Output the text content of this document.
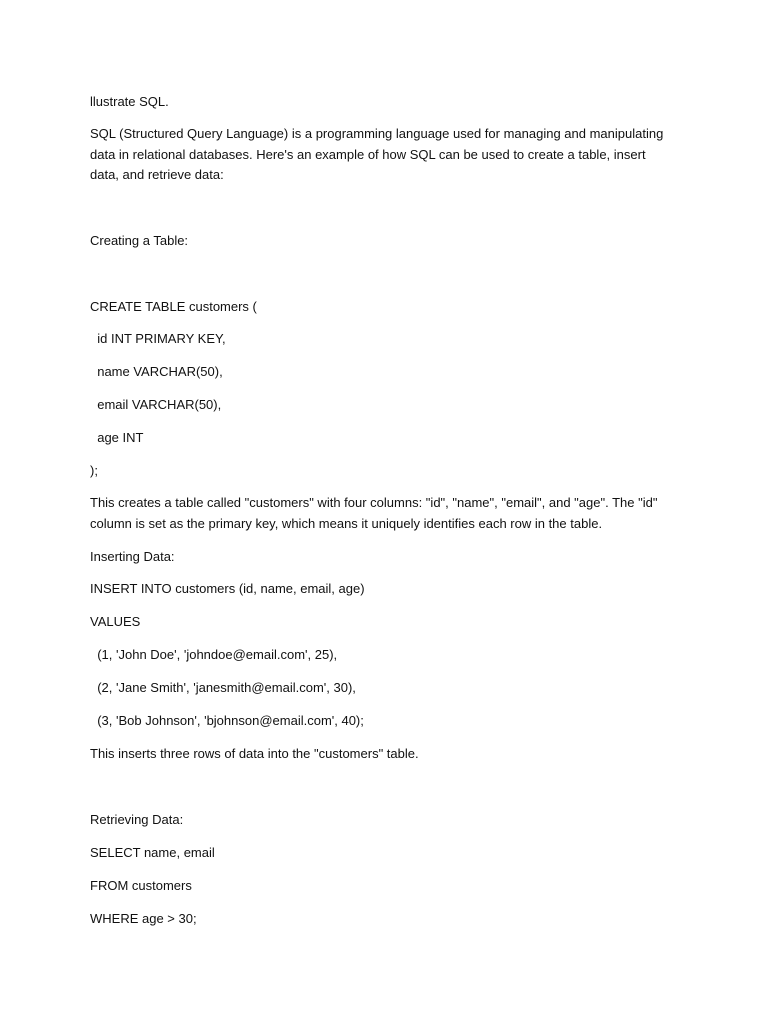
llustrate SQL.

SQL (Structured Query Language) is a programming language used for managing and manipulating data in relational databases. Here's an example of how SQL can be used to create a table, insert data, and retrieve data:

Creating a Table:

CREATE TABLE customers (

id INT PRIMARY KEY,

name VARCHAR(50),

email VARCHAR(50),

age INT

);

This creates a table called "customers" with four columns: "id", "name", "email", and "age". The "id" column is set as the primary key, which means it uniquely identifies each row in the table.

Inserting Data:

INSERT INTO customers (id, name, email, age)

VALUES

(1, 'John Doe', 'johndoe@email.com', 25),

(2, 'Jane Smith', 'janesmith@email.com', 30),

(3, 'Bob Johnson', 'bjohnson@email.com', 40);

This inserts three rows of data into the "customers" table.

Retrieving Data:

SELECT name, email

FROM customers

WHERE age > 30;
